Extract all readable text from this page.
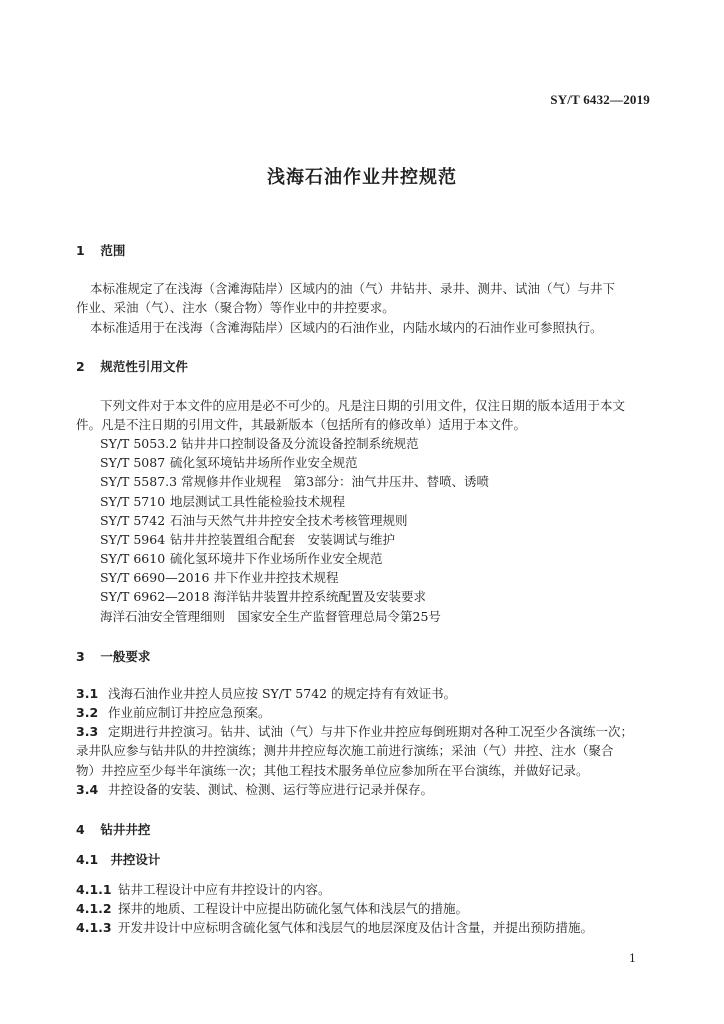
SY/T 6432—2019
浅海石油作业井控规范
1 范围
本标准规定了在浅海（含滩海陆岸）区域内的油（气）井钻井、录井、测井、试油（气）与井下
作业、采油（气）、注水（聚合物）等作业中的井控要求。
本标准适用于在浅海（含滩海陆岸）区域内的石油作业，内陆水域内的石油作业可参照执行。
2 规范性引用文件
下列文件对于本文件的应用是必不可少的。凡是注日期的引用文件，仅注日期的版本适用于本文
件。凡是不注日期的引用文件，其最新版本（包括所有的修改单）适用于本文件。
SY/T 5053.2 钻井井口控制设备及分流设备控制系统规范
SY/T 5087 硫化氢环境钻井场所作业安全规范
SY/T 5587.3 常规修井作业规程　第3部分：油气井压井、替喷、诱喷
SY/T 5710 地层测试工具性能检验技术规程
SY/T 5742 石油与天然气井井控安全技术考核管理规则
SY/T 5964 钻井井控装置组合配套　安装调试与维护
SY/T 6610 硫化氢环境井下作业场所作业安全规范
SY/T 6690—2016 井下作业井控技术规程
SY/T 6962—2018 海洋钻井装置井控系统配置及安装要求
海洋石油安全管理细则　国家安全生产监督管理总局令第25号
3 一般要求
3.1 浅海石油作业井控人员应按 SY/T 5742 的规定持有有效证书。
3.2 作业前应制订井控应急预案。
3.3 定期进行井控演习。钻井、试油（气）与井下作业井控应每倒班期对各种工况至少各演练一次；
录井队应参与钻井队的井控演练；测井井控应每次施工前进行演练；采油（气）井控、注水（聚合
物）井控应至少每半年演练一次；其他工程技术服务单位应参加所在平台演练，并做好记录。
3.4 井控设备的安装、测试、检测、运行等应进行记录并保存。
4 钻井井控
4.1 井控设计
4.1.1 钻井工程设计中应有井控设计的内容。
4.1.2 探井的地质、工程设计中应提出防硫化氢气体和浅层气的措施。
4.1.3 开发井设计中应标明含硫化氢气体和浅层气的地层深度及估计含量，并提出预防措施。
1
